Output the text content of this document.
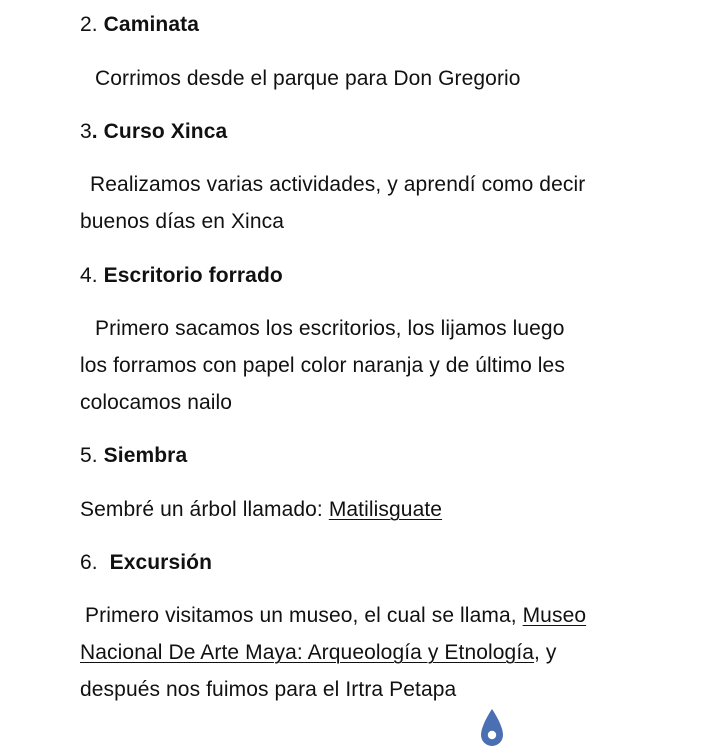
2. Caminata
Corrimos desde el parque para Don Gregorio
3. Curso Xinca
Realizamos varias actividades, y aprendí como decir
buenos días en Xinca
4. Escritorio forrado
Primero sacamos los escritorios, los lijamos luego
los forramos con papel color naranja y de último les
colocamos nailo
5. Siembra
Sembré un árbol llamado: Matilisguate
6. Excursión
Primero visitamos un museo, el cual se llama, Museo
Nacional De Arte Maya: Arqueología y Etnología, y
después nos fuimos para el Irtra Petapa
